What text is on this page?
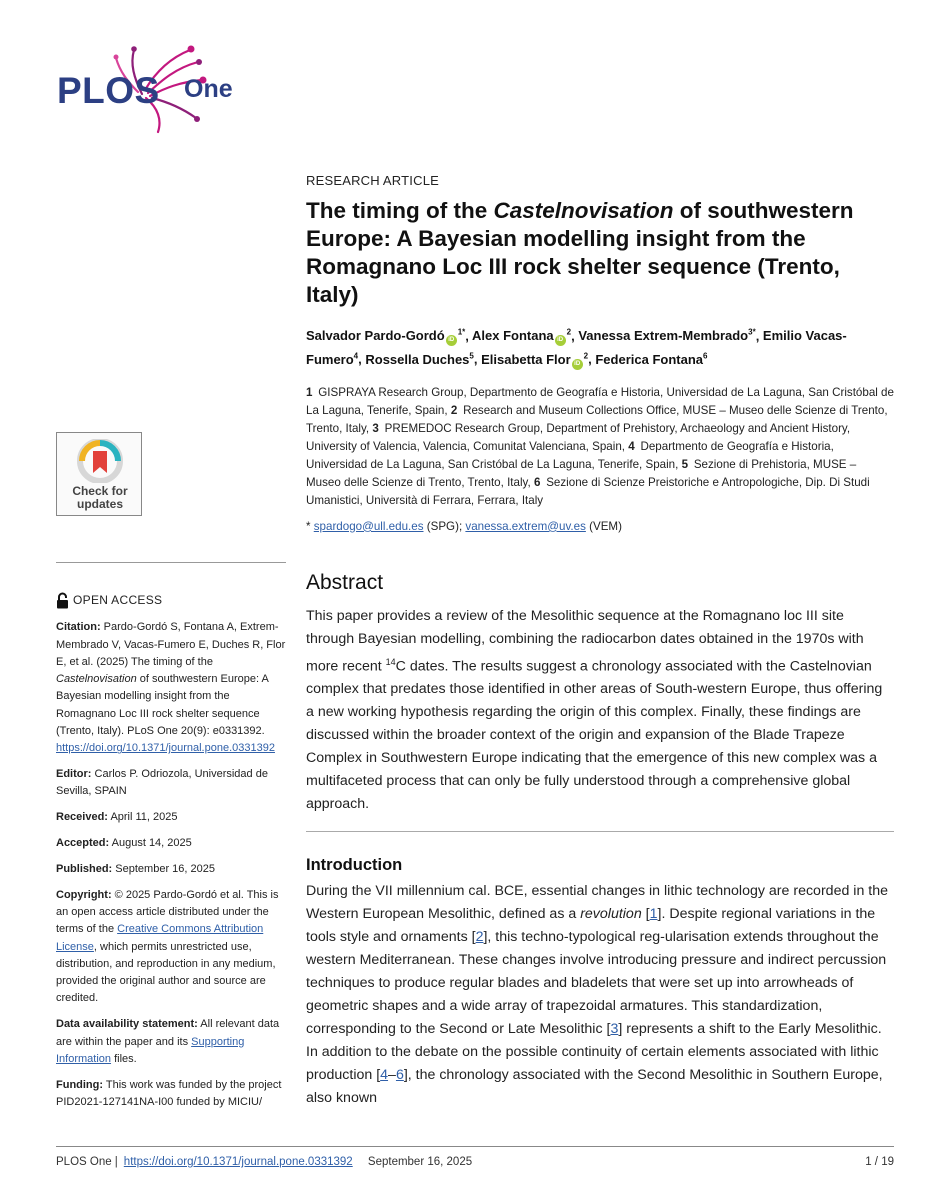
PLOS One
Check for updates
OPEN ACCESS

Citation: Pardo-Gordó S, Fontana A, Extrem-Membrado V, Vacas-Fumero E, Duches R, Flor E, et al. (2025) The timing of the Castelnovisation of southwestern Europe: A Bayesian modelling insight from the Romagnano Loc III rock shelter sequence (Trento, Italy). PLoS One 20(9): e0331392. https://doi.org/10.1371/journal.pone.0331392

Editor: Carlos P. Odriozola, Universidad de Sevilla, SPAIN

Received: April 11, 2025

Accepted: August 14, 2025

Published: September 16, 2025

Copyright: © 2025 Pardo-Gordó et al. This is an open access article distributed under the terms of the Creative Commons Attribution License, which permits unrestricted use, distribution, and reproduction in any medium, provided the original author and source are credited.

Data availability statement: All relevant data are within the paper and its Supporting Information files.

Funding: This work was funded by the project PID2021-127141NA-I00 funded by MICIU/

RESEARCH ARTICLE
The timing of the Castelnovisation of southwestern Europe: A Bayesian modelling insight from the Romagnano Loc III rock shelter sequence (Trento, Italy)
Salvador Pardo-Gordó $iD^{1*}$, Alex Fontana $iD^2$, Vanessa Extrem-Membrado$^{3*}$, Emilio Vacas-Fumero$^4$, Rossella Duches$^5$, Elisabetta Flor $iD^2$, Federica Fontana$^6$
1  GISPRAYA Research Group, Departmento de Geografía e Historia, Universidad de La Laguna, San Cristóbal de La Laguna, Tenerife, Spain, 2  Research and Museum Collections Office, MUSE – Museo delle Scienze di Trento, Trento, Italy, 3  PREMEDOC Research Group, Department of Prehistory, Archaeology and Ancient History, University of Valencia, Valencia, Comunitat Valenciana, Spain, 4  Departmento de Geografía e Historia, Universidad de La Laguna, San Cristóbal de La Laguna, Tenerife, Spain, 5  Sezione di Prehistoria, MUSE – Museo delle Scienze di Trento, Trento, Italy, 6  Sezione di Scienze Preistoriche e Antropologiche, Dip. Di Studi Umanistici, Università di Ferrara, Ferrara, Italy
* spardogo@ull.edu.es (SPG); vanessa.extrem@uv.es (VEM)
Abstract

This paper provides a review of the Mesolithic sequence at the Romagnano loc III site through Bayesian modelling, combining the radiocarbon dates obtained in the 1970s with more recent $^{14}$C dates. The results suggest a chronology associated with the Castelnovian complex that predates those identified in other areas of South-western Europe, thus offering a new working hypothesis regarding the origin of this complex. Finally, these findings are discussed within the broader context of the origin and expansion of the Blade Trapeze Complex in Southwestern Europe indicating that the emergence of this new complex was a multifaceted process that can only be fully understood through a comprehensive global approach.

Introduction

During the VII millennium cal. BCE, essential changes in lithic technology are recorded in the Western European Mesolithic, defined as a revolution [1]. Despite regional variations in the tools style and ornaments [2], this techno-typological reg-ularisation extends throughout the western Mediterranean. These changes involve introducing pressure and indirect percussion techniques to produce regular blades and bladelets that were set up into arrowheads of geometric shapes and a wide array of trapezoidal armatures. This standardization, corresponding to the Second or Late Mesolithic [3] represents a shift to the Early Mesolithic. In addition to the debate on the possible continuity of certain elements associated with lithic production [4–6], the chronology associated with the Second Mesolithic in Southern Europe, also known

PLOS One | https://doi.org/10.1371/journal.pone.0331392 September 16, 2025	1 / 19
